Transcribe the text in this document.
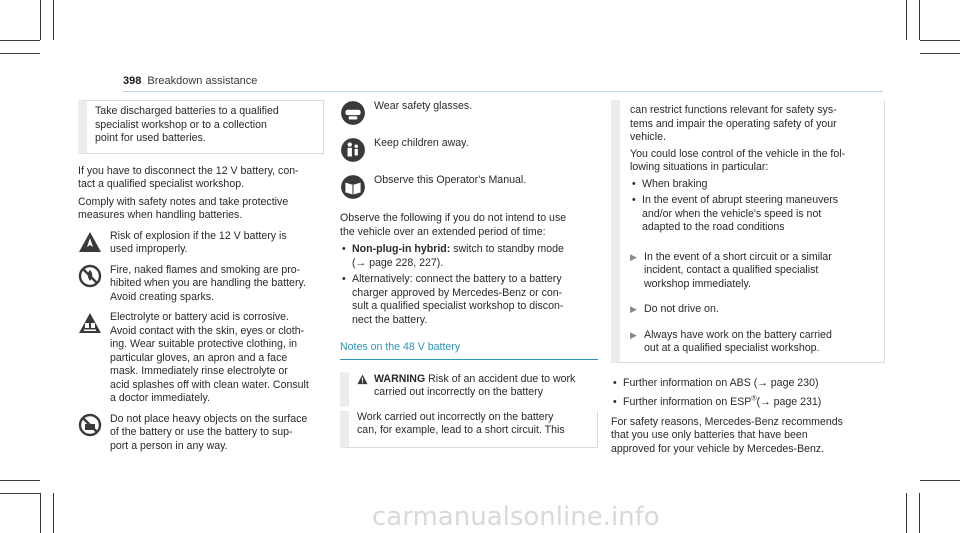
398 Breakdown assistance

Take discharged batteries to a qualified
specialist workshop or to a collection
point for used batteries.

If you have to disconnect the 12 V battery, con-
tact a qualified specialist workshop.

Comply with safety notes and take protective
measures when handling batteries.

Risk of explosion if the 12 V battery is
used improperly.
Fire, naked flames and smoking are pro-
hibited when you are handling the battery.
Avoid creating sparks.
Electrolyte or battery acid is corrosive.
Avoid contact with the skin, eyes or cloth-
ing. Wear suitable protective clothing, in
particular gloves, an apron and a face
mask. Immediately rinse electrolyte or
acid splashes off with clean water. Consult
a doctor immediately.
Do not place heavy objects on the surface
of the battery or use the battery to sup-
port a person in any way.
Wear safety glasses.
Keep children away.
Observe this Operator's Manual.

Observe the following if you do not intend to use
the vehicle over an extended period of time:

• Non-plug-in hybrid: switch to standby mode
(→ page 228, 227).
• Alternatively: connect the battery to a battery
charger approved by Mercedes-Benz or con-
sult a qualified specialist workshop to discon-
nect the battery.
Notes on the 48 V battery
WARNING Risk of an accident due to work
carried out incorrectly on the battery

Work carried out incorrectly on the battery
can, for example, lead to a short circuit. This

can restrict functions relevant for safety sys-
tems and impair the operating safety of your
vehicle.

You could lose control of the vehicle in the fol-
lowing situations in particular:

• When braking
• In the event of abrupt steering maneuvers
and/or when the vehicle's speed is not
adapted to the road conditions
▶ In the event of a short circuit or a similar
incident, contact a qualified specialist
workshop immediately.
▶ Do not drive on.
▶ Always have work on the battery carried
out at a qualified specialist workshop.
• Further information on ABS (→ page 230)
• Further information on ESP®(→ page 231)

For safety reasons, Mercedes-Benz recommends
that you use only batteries that have been
approved for your vehicle by Mercedes-Benz.

carmanualsonline.info
